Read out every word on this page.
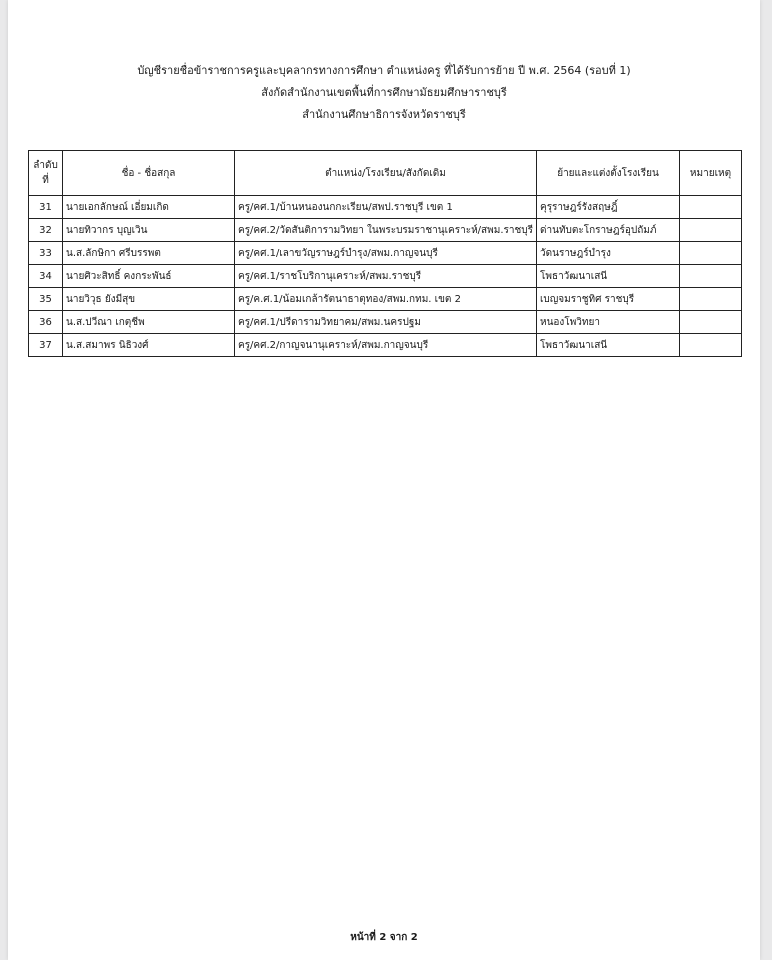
บัญชีรายชื่อข้าราชการครูและบุคลากรทางการศึกษา ตำแหน่งครู ที่ได้รับการย้าย ปี พ.ศ. 2564 (รอบที่ 1)
สังกัดสำนักงานเขตพื้นที่การศึกษามัธยมศึกษาราชบุรี
สำนักงานศึกษาธิการจังหวัดราชบุรี
ลำดับ
ที่	ชื่อ - ชื่อสกุล	ตำแหน่ง/โรงเรียน/สังกัดเดิม	ย้ายและแต่งตั้งโรงเรียน	หมายเหตุ
31	นายเอกลักษณ์ เอี่ยมเกิด	ครู/คศ.1/บ้านหนองนกกะเรียน/สพป.ราชบุรี เขต 1	คุรุราษฎร์รังสฤษฎิ์	
32	นายทิวากร บุญเวิน	ครู/คศ.2/วัดสันติการามวิทยา ในพระบรมราชานุเคราะห์/สพม.ราชบุรี	ด่านทับตะโกราษฎร์อุปถัมภ์	
33	น.ส.ลักษิกา ศรีบรรพต	ครู/คศ.1/เลาขวัญราษฎร์บำรุง/สพม.กาญจนบุรี	วัดนราษฎร์บำรุง	
34	นายศิวะสิทธิ์ คงกระพันธ์	ครู/คศ.1/ราชโบริกานุเคราะห์/สพม.ราชบุรี	โพธาวัฒนาเสนี	
35	นายวิวุธ ยังมีสุข	ครู/ค.ศ.1/น้อมเกล้ารัตนาธาตุทอง/สพม.กทม. เขต 2	เบญจมราชูทิศ ราชบุรี	
36	น.ส.ปวีณา เกตุชีพ	ครู/คศ.1/ปรีดารามวิทยาคม/สพม.นครปฐม	หนองโพวิทยา	
37	น.ส.สมาพร นิธิวงศ์	ครู/คศ.2/กาญจนานุเคราะห์/สพม.กาญจนบุรี	โพธาวัฒนาเสนี	
หน้าที่ 2 จาก 2
